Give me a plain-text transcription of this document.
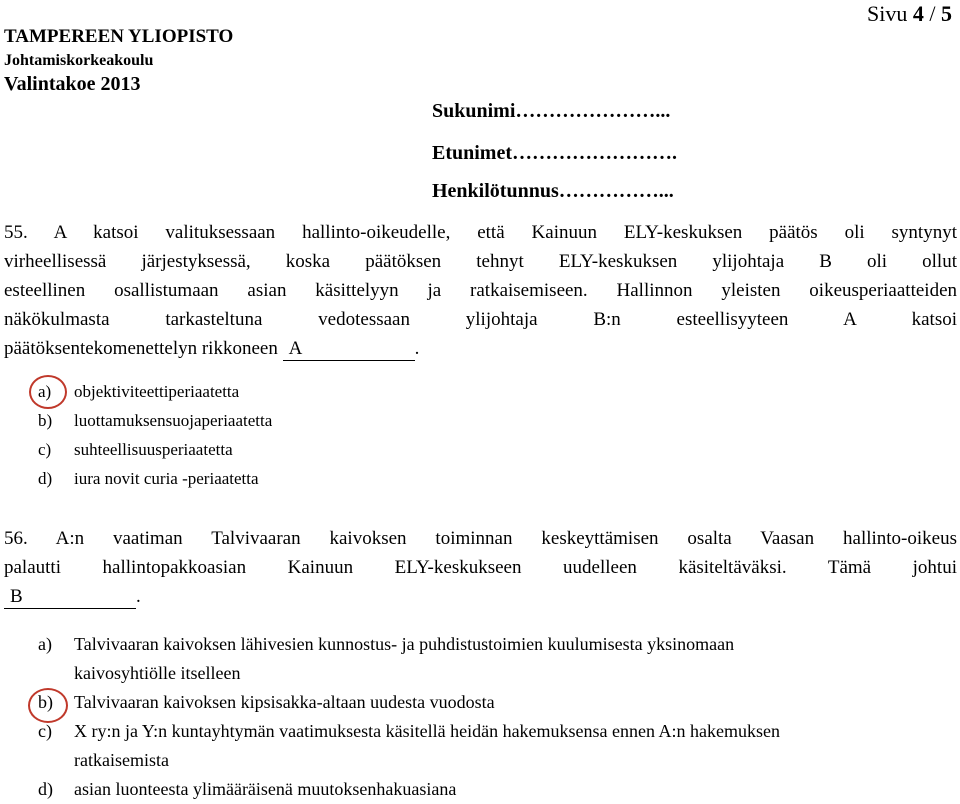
Sivu 4 / 5
TAMPEREEN YLIOPISTO
Johtamiskorkeakoulu
Valintakoe 2013
Sukunimi…………………...
Etunimet…………………….
Henkilötunnus……………...
55. A katsoi valituksessaan hallinto-oikeudelle, että Kainuun ELY-keskuksen päätös oli syntynyt
virheellisessä järjestyksessä, koska päätöksen tehnyt ELY-keskuksen ylijohtaja B oli ollut
esteellinen osallistumaan asian käsittelyyn ja ratkaisemiseen. Hallinnon yleisten oikeusperiaatteiden
näkökulmasta tarkasteltuna vedotessaan ylijohtaja B:n esteellisyyteen A katsoi
päätöksentekomenettelyn rikkoneen A	.
a) objektiviteettiperiaatetta
b) luottamuksensuojaperiaatetta
c) suhteellisuusperiaatetta
d) iura novit curia -periaatetta
56. A:n vaatiman Talvivaaran kaivoksen toiminnan keskeyttämisen osalta Vaasan hallinto-oikeus
palautti hallintopakkoasian Kainuun ELY-keskukseen uudelleen käsiteltäväksi. Tämä johtui
B	.
a) Talvivaaran kaivoksen lähivesien kunnostus- ja puhdistustoimien kuulumisesta yksinomaan
kaivosyhtiölle itselleen
b) Talvivaaran kaivoksen kipsisakka-altaan uudesta vuodosta
c) X ry:n ja Y:n kuntayhtymän vaatimuksesta käsitellä heidän hakemuksensa ennen A:n hakemuksen
ratkaisemista
d) asian luonteesta ylimääräisenä muutoksenhakuasiana
